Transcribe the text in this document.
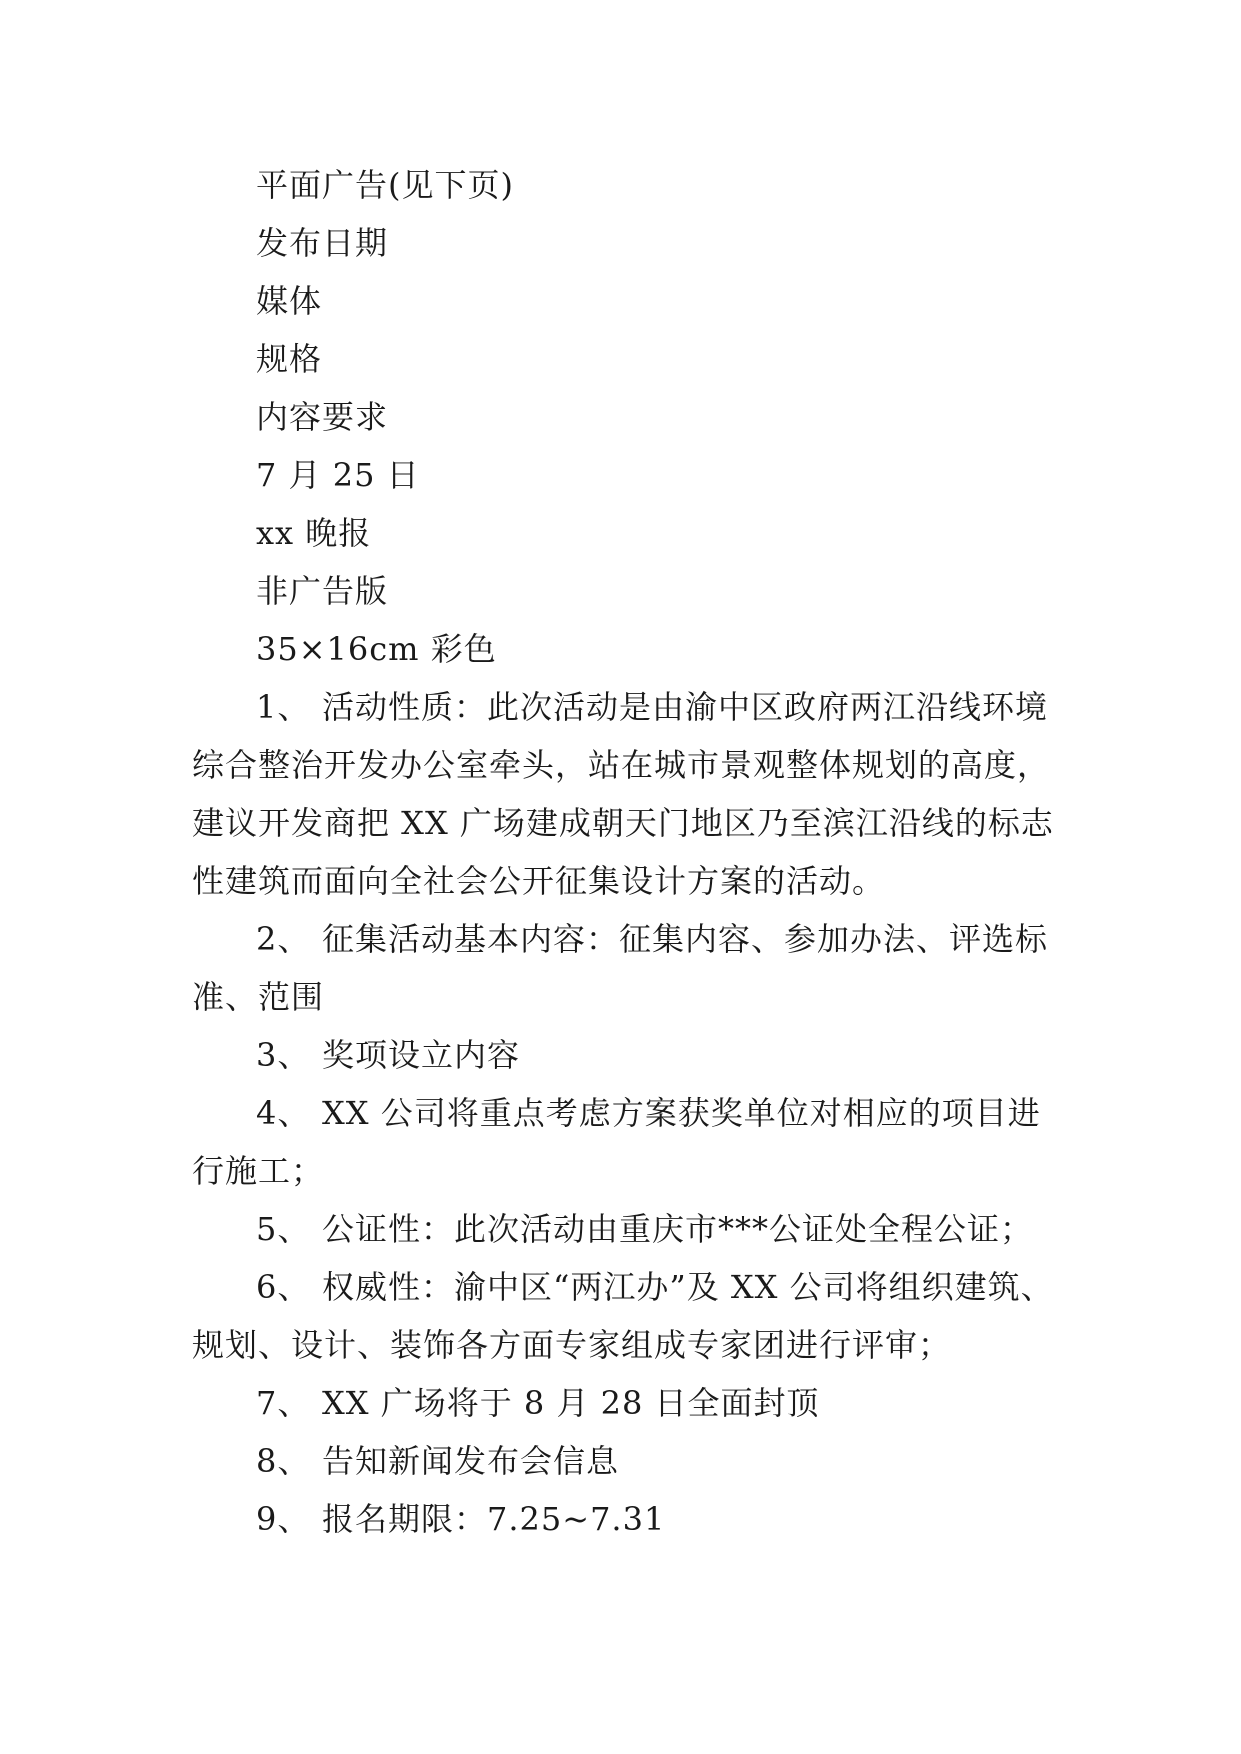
平面广告(见下页)
发布日期
媒体
规格
内容要求
7 月 25 日
xx 晚报
非广告版
35×16cm 彩色
1、 活动性质：此次活动是由渝中区政府两江沿线环境
综合整治开发办公室牵头，站在城市景观整体规划的高度，
建议开发商把 XX 广场建成朝天门地区乃至滨江沿线的标志
性建筑而面向全社会公开征集设计方案的活动。
2、 征集活动基本内容：征集内容、参加办法、评选标
准、范围
3、 奖项设立内容
4、 XX 公司将重点考虑方案获奖单位对相应的项目进
行施工；
5、 公证性：此次活动由重庆市***公证处全程公证；
6、 权威性：渝中区“两江办”及 XX 公司将组织建筑、
规划、设计、装饰各方面专家组成专家团进行评审；
7、 XX 广场将于 8 月 28 日全面封顶
8、 告知新闻发布会信息
9、 报名期限：7.25~7.31
